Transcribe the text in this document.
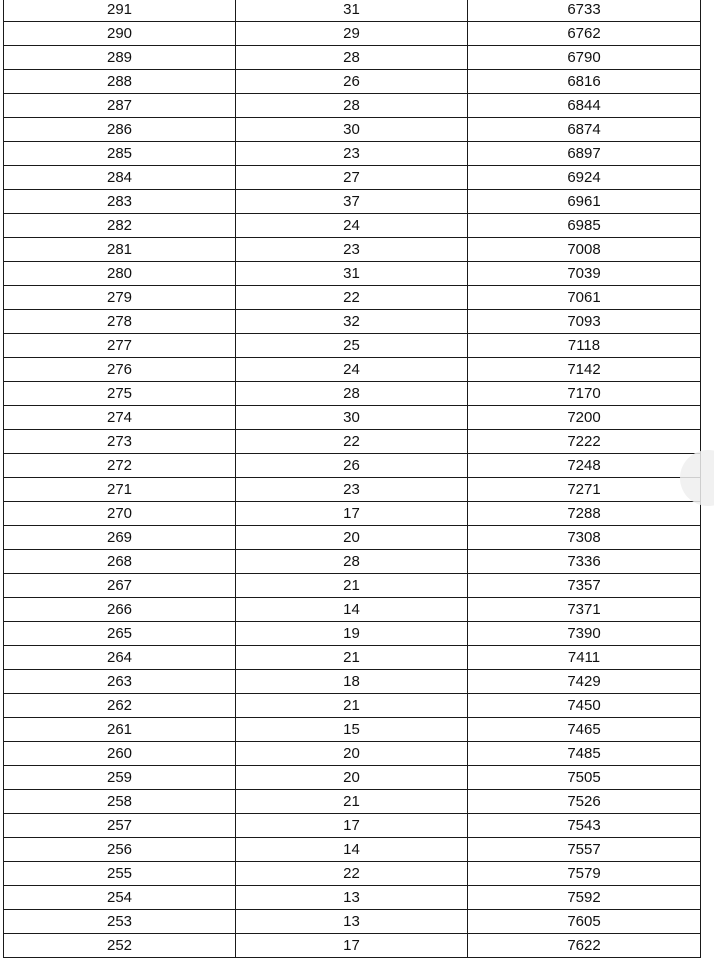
291	31	6733
290	29	6762
289	28	6790
288	26	6816
287	28	6844
286	30	6874
285	23	6897
284	27	6924
283	37	6961
282	24	6985
281	23	7008
280	31	7039
279	22	7061
278	32	7093
277	25	7118
276	24	7142
275	28	7170
274	30	7200
273	22	7222
272	26	7248
271	23	7271
270	17	7288
269	20	7308
268	28	7336
267	21	7357
266	14	7371
265	19	7390
264	21	7411
263	18	7429
262	21	7450
261	15	7465
260	20	7485
259	20	7505
258	21	7526
257	17	7543
256	14	7557
255	22	7579
254	13	7592
253	13	7605
252	17	7622
